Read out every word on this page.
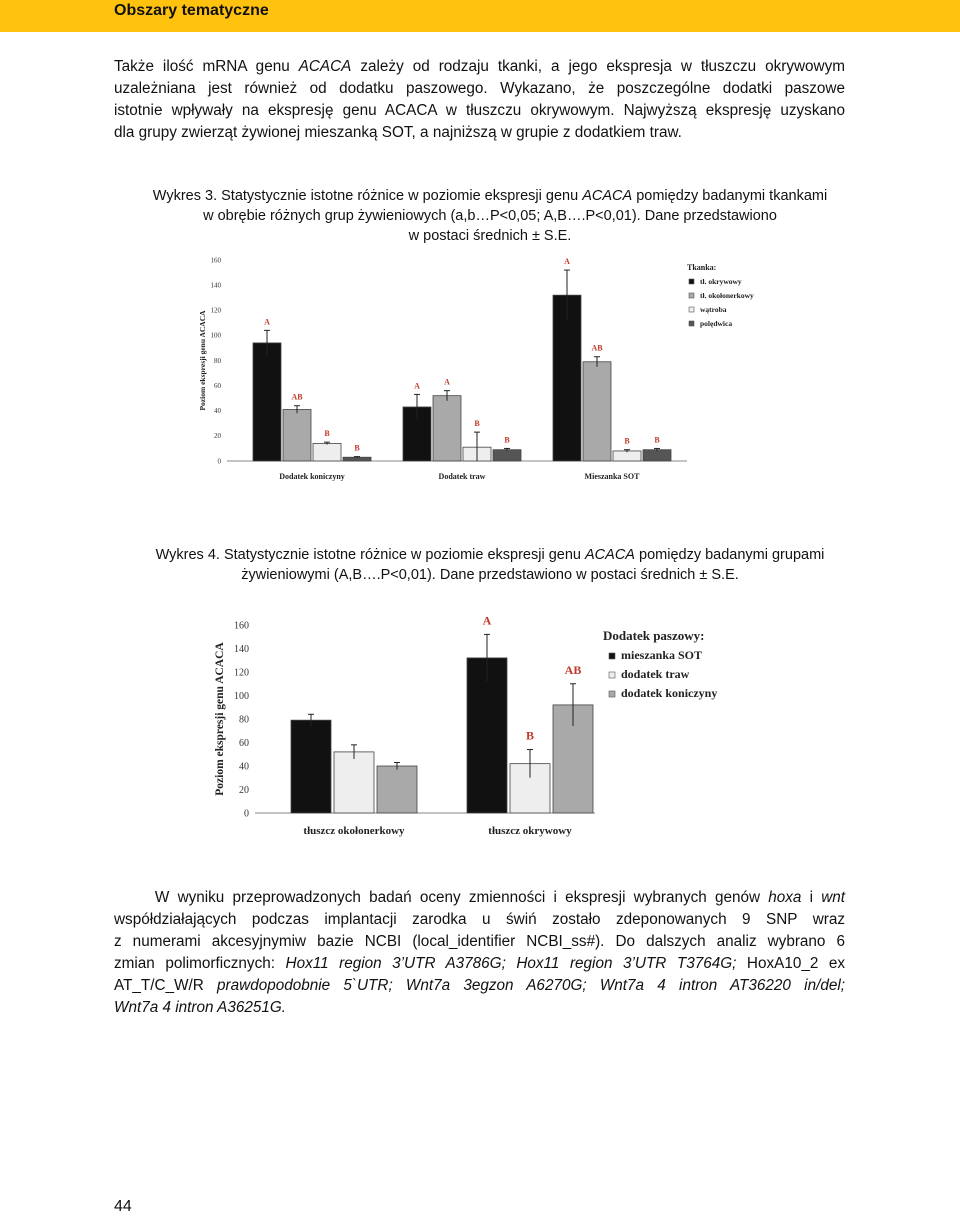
Obszary tematyczne

Także ilość mRNA genu ACACA zależy od rodzaju tkanki, a jego ekspresja w tłuszczu okrywowym
uzależniana jest również od dodatku paszowego. Wykazano, że poszczególne dodatki paszowe
istotnie wpływały na ekspresję genu ACACA w tłuszczu okrywowym. Najwyższą ekspresję uzyskano
dla grupy zwierząt żywionej mieszanką SOT, a najniższą w grupie z dodatkiem traw.

Wykres 3. Statystycznie istotne różnice w poziomie ekspresji genu ACACA pomiędzy badanymi tkankami
w obrębie różnych grup żywieniowych (a,b…P<0,05; A,B….P<0,01). Dane przedstawiono
w postaci średnich ± S.E.

0
20
40
60
80
100
120
140
160
Poziom ekspresji genu ACACA	A
AB
B
B
Dodatek koniczyny
A	A
B
B
Dodatek traw
A
AB
B	B
Mieszanka SOT
Tkanka:
tł. okrywowy
tł. okołonerkowy
wątroba
polędwica

Wykres 4. Statystycznie istotne różnice w poziomie ekspresji genu ACACA pomiędzy badanymi grupami
żywieniowymi (A,B….P<0,01). Dane przedstawiono w postaci średnich ± S.E.

0
20
40
60
80
100
120
140
160
Poziom ekspresji genu ACACA
tłuszcz okołonerkowy
A
B
AB
tłuszcz okrywowy
Dodatek paszowy:
mieszanka SOT
dodatek traw
dodatek koniczyny

W wyniku przeprowadzonych badań oceny zmienności i ekspresji wybranych genów hoxa i wnt
współdziałających podczas implantacji zarodka u świń zostało zdeponowanych 9 SNP wraz
z numerami akcesyjnymiw bazie NCBI (local_identifier NCBI_ss#). Do dalszych analiz wybrano 6
zmian polimorficznych: Hox11 region 3’UTR A3786G; Hox11 region 3’UTR T3764G; HoxA10_2 ex
AT_T/C_W/R prawdopodobnie 5`UTR; Wnt7a 3egzon A6270G; Wnt7a 4 intron AT36220 in/del;
Wnt7a 4 intron A36251G.

44
